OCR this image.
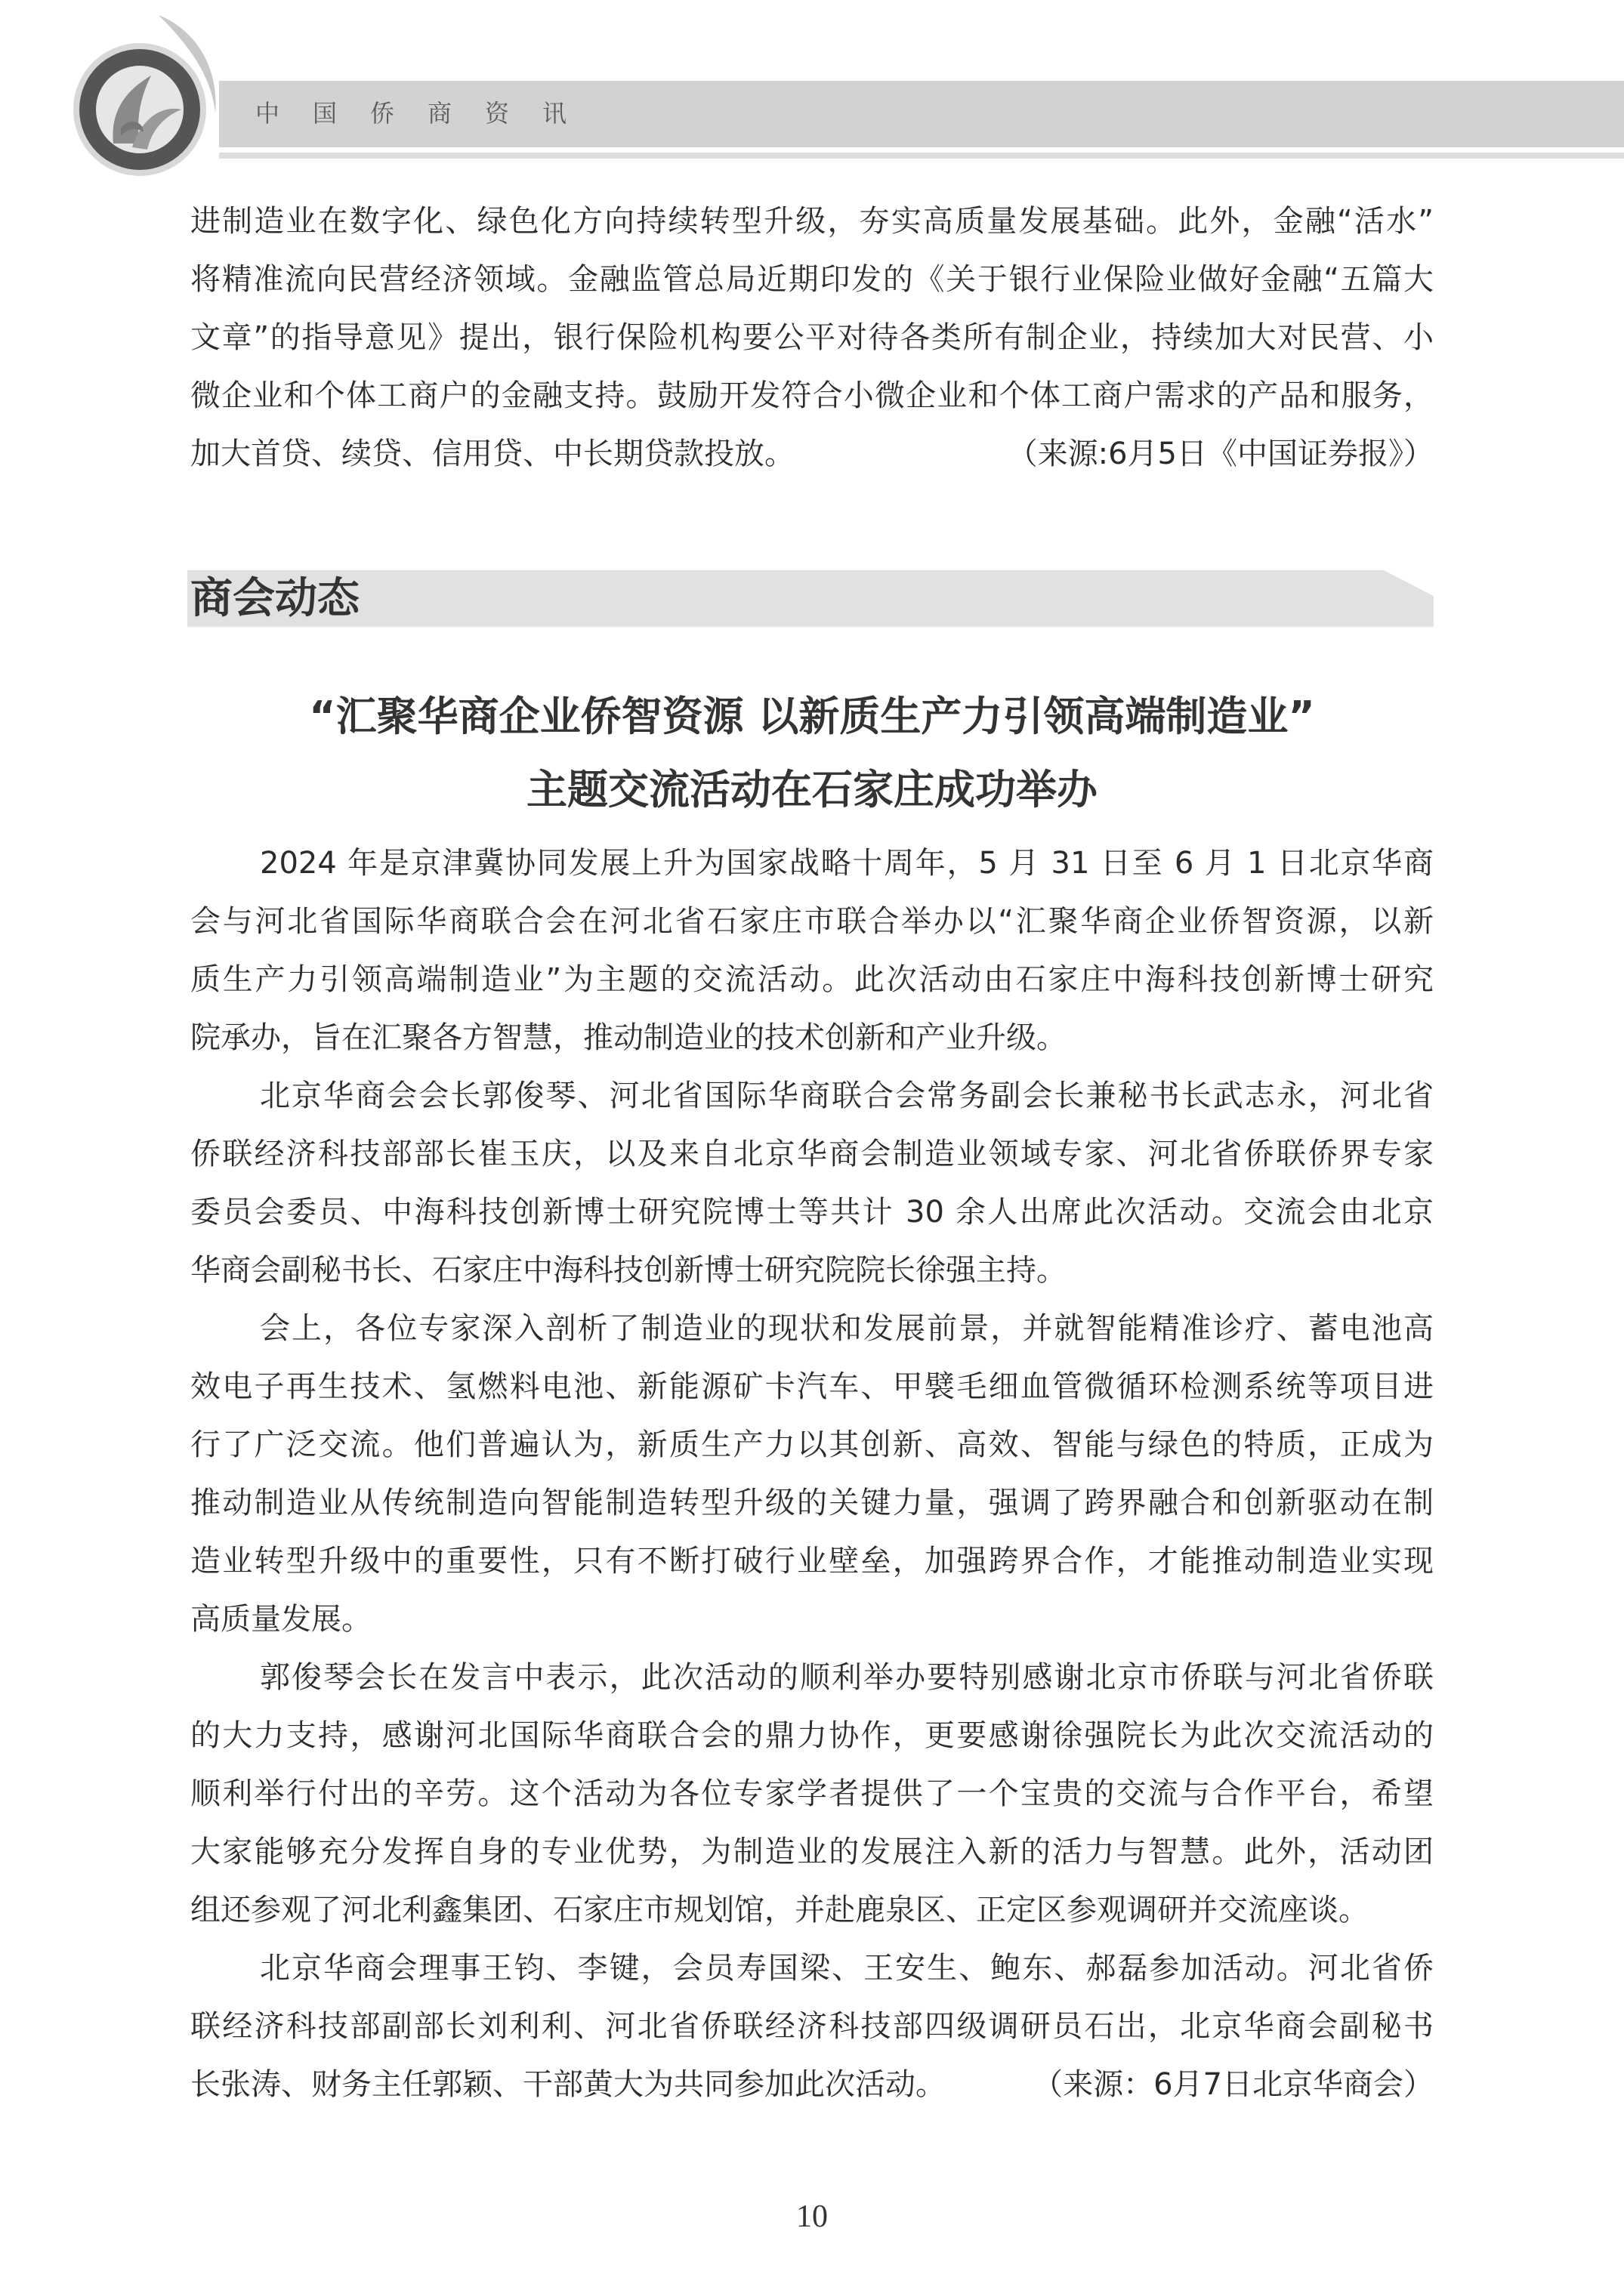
中国侨商资讯
进制造业在数字化、绿色化方向持续转型升级，夯实高质量发展基础。此外，金融“活水”
将精准流向民营经济领域。金融监管总局近期印发的《关于银行业保险业做好金融“五篇大
文章”的指导意见》提出，银行保险机构要公平对待各类所有制企业，持续加大对民营、小
微企业和个体工商户的金融支持。鼓励开发符合小微企业和个体工商户需求的产品和服务，
加大首贷、续贷、信用贷、中长期贷款投放。	（来源:6月5日《中国证券报》）
商会动态
“汇聚华商企业侨智资源 以新质生产力引领高端制造业”
主题交流活动在石家庄成功举办
2024 年是京津冀协同发展上升为国家战略十周年，5 月 31 日至 6 月 1 日北京华商
会与河北省国际华商联合会在河北省石家庄市联合举办以“汇聚华商企业侨智资源，以新
质生产力引领高端制造业”为主题的交流活动。此次活动由石家庄中海科技创新博士研究
院承办，旨在汇聚各方智慧，推动制造业的技术创新和产业升级。
北京华商会会长郭俊琴、河北省国际华商联合会常务副会长兼秘书长武志永，河北省
侨联经济科技部部长崔玉庆，以及来自北京华商会制造业领域专家、河北省侨联侨界专家
委员会委员、中海科技创新博士研究院博士等共计 30 余人出席此次活动。交流会由北京
华商会副秘书长、石家庄中海科技创新博士研究院院长徐强主持。
会上，各位专家深入剖析了制造业的现状和发展前景，并就智能精准诊疗、蓄电池高
效电子再生技术、氢燃料电池、新能源矿卡汽车、甲襞毛细血管微循环检测系统等项目进
行了广泛交流。他们普遍认为，新质生产力以其创新、高效、智能与绿色的特质，正成为
推动制造业从传统制造向智能制造转型升级的关键力量，强调了跨界融合和创新驱动在制
造业转型升级中的重要性，只有不断打破行业壁垒，加强跨界合作，才能推动制造业实现
高质量发展。
郭俊琴会长在发言中表示，此次活动的顺利举办要特别感谢北京市侨联与河北省侨联
的大力支持，感谢河北国际华商联合会的鼎力协作，更要感谢徐强院长为此次交流活动的
顺利举行付出的辛劳。这个活动为各位专家学者提供了一个宝贵的交流与合作平台，希望
大家能够充分发挥自身的专业优势，为制造业的发展注入新的活力与智慧。此外，活动团
组还参观了河北利鑫集团、石家庄市规划馆，并赴鹿泉区、正定区参观调研并交流座谈。
北京华商会理事王钧、李键，会员寿国梁、王安生、鲍东、郝磊参加活动。河北省侨
联经济科技部副部长刘利利、河北省侨联经济科技部四级调研员石岀，北京华商会副秘书
长张涛、财务主任郭颖、干部黄大为共同参加此次活动。	（来源：6月7日北京华商会）
10
